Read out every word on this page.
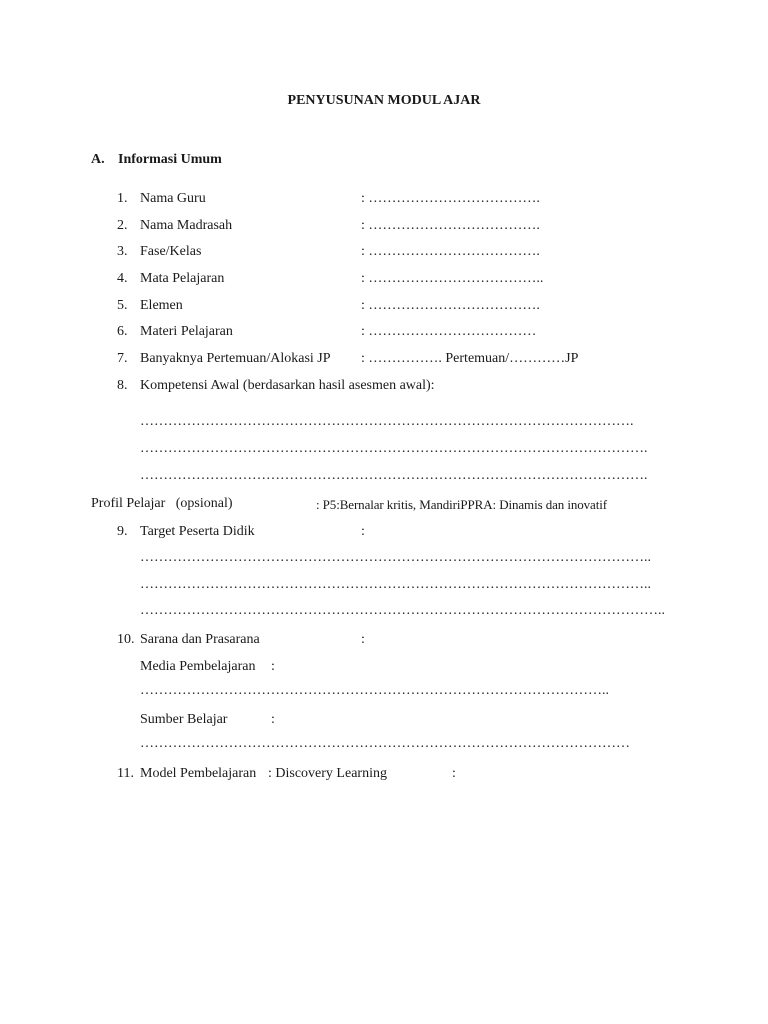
PENYUSUNAN MODUL AJAR
A. Informasi Umum
1. Nama Guru	: ……………………………….
2. Nama Madrasah	: ……………………………….
3. Fase/Kelas	: ……………………………….
4. Mata Pelajaran	: ………………………………..
5. Elemen	: ……………………………….
6. Materi Pelajaran	: ………………………………
7. Banyaknya Pertemuan/Alokasi JP : ……………. Pertemuan/…………JP
8. Kompetensi Awal (berdasarkan hasil asesmen awal):
…………………………………………………………………………………………….
……………………………………………………………………………………………….
……………………………………………………………………………………………….
Profil Pelajar   (opsional)	: P5:Bernalar kritis, MandiriPPRA: Dinamis dan inovatif
9. Target Peserta Didik	:
………………………………………………………………………………………………..
………………………………………………………………………………………………..
…………………………………………………………………………………………………..
10. Sarana dan Prasarana	:
Media Pembelajaran :
………………………………………………………………………………………..
Sumber Belajar	:
……………………………………………………………………………………………
11. Model Pembelajaran : Discovery Learning	:
